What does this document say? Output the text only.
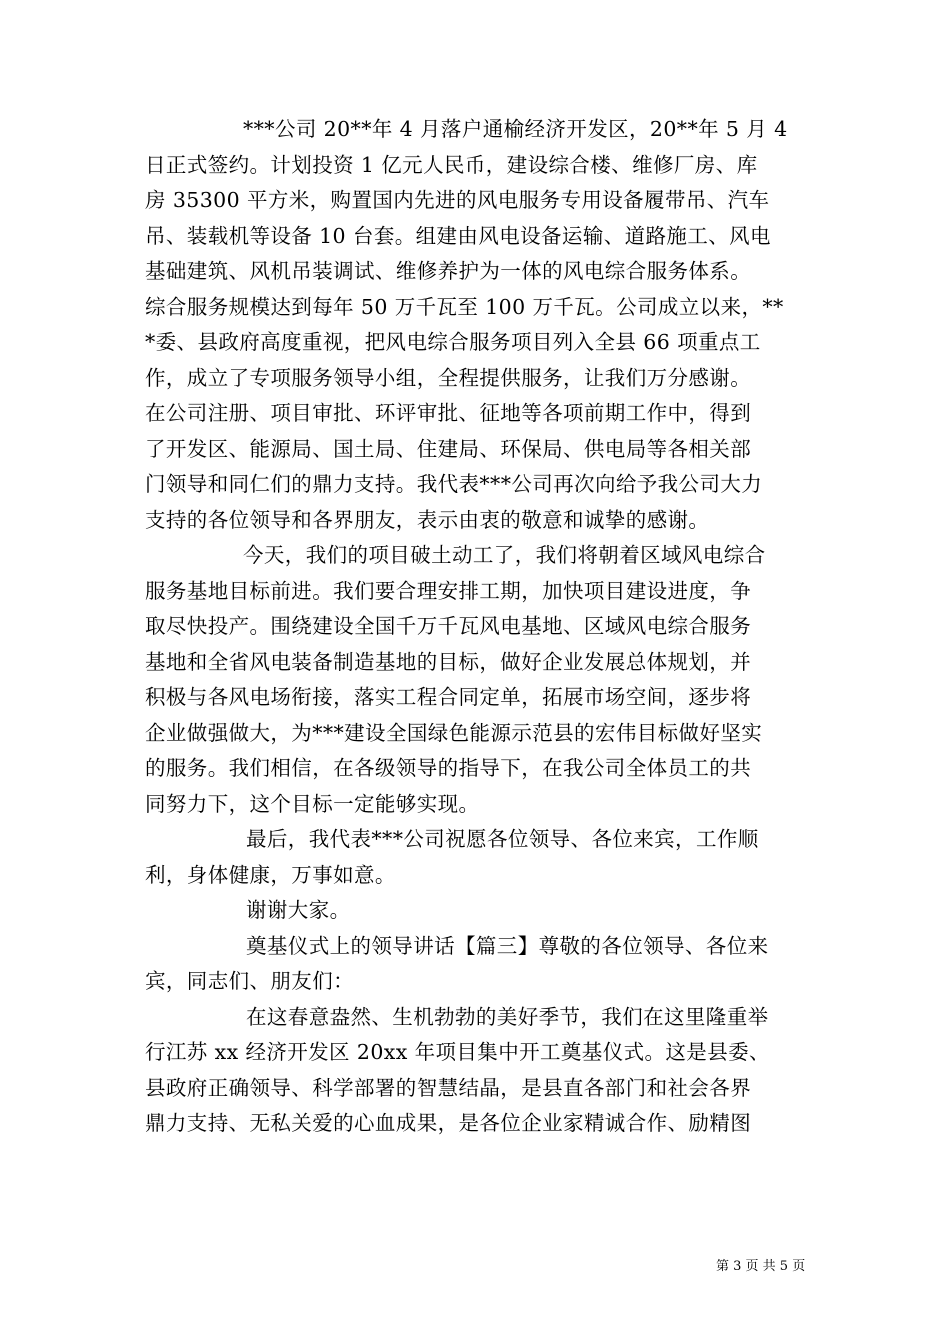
***公司 20**年 4 月落户通榆经济开发区，20**年 5 月 4
日正式签约。计划投资 1 亿元人民币，建设综合楼、维修厂房、库
房 35300 平方米，购置国内先进的风电服务专用设备履带吊、汽车
吊、装载机等设备 10 台套。组建由风电设备运输、道路施工、风电
基础建筑、风机吊装调试、维修养护为一体的风电综合服务体系。
综合服务规模达到每年 50 万千瓦至 100 万千瓦。公司成立以来，**
*委、县政府高度重视，把风电综合服务项目列入全县 66 项重点工
作，成立了专项服务领导小组，全程提供服务，让我们万分感谢。
在公司注册、项目审批、环评审批、征地等各项前期工作中，得到
了开发区、能源局、国土局、住建局、环保局、供电局等各相关部
门领导和同仁们的鼎力支持。我代表***公司再次向给予我公司大力
支持的各位领导和各界朋友，表示由衷的敬意和诚挚的感谢。
今天，我们的项目破土动工了，我们将朝着区域风电综合
服务基地目标前进。我们要合理安排工期，加快项目建设进度，争
取尽快投产。围绕建设全国千万千瓦风电基地、区域风电综合服务
基地和全省风电装备制造基地的目标，做好企业发展总体规划，并
积极与各风电场衔接，落实工程合同定单，拓展市场空间，逐步将
企业做强做大，为***建设全国绿色能源示范县的宏伟目标做好坚实
的服务。我们相信，在各级领导的指导下，在我公司全体员工的共
同努力下，这个目标一定能够实现。
最后，我代表***公司祝愿各位领导、各位来宾，工作顺
利，身体健康，万事如意。
谢谢大家。
奠基仪式上的领导讲话【篇三】尊敬的各位领导、各位来
宾，同志们、朋友们：
在这春意盎然、生机勃勃的美好季节，我们在这里隆重举
行江苏 xx 经济开发区 20xx 年项目集中开工奠基仪式。这是县委、
县政府正确领导、科学部署的智慧结晶，是县直各部门和社会各界
鼎力支持、无私关爱的心血成果，是各位企业家精诚合作、励精图
第 3 页 共 5 页
